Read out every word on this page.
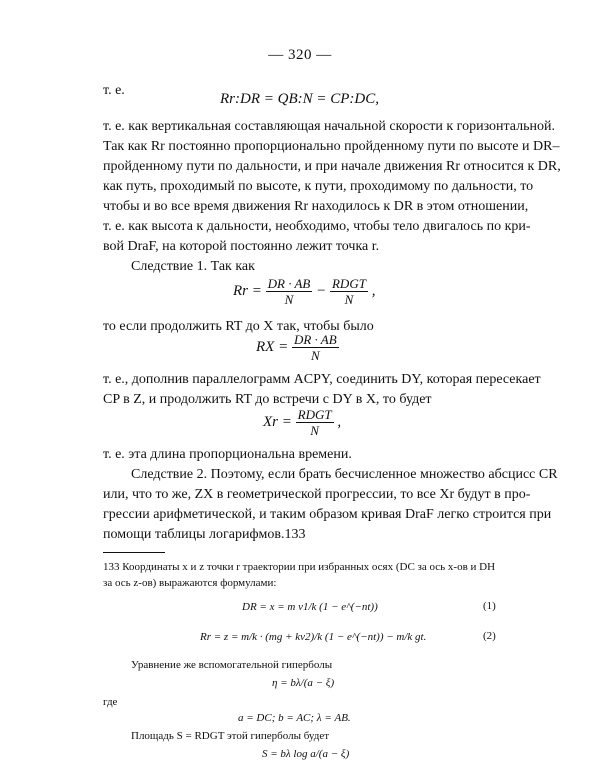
— 320 —
т. е.
Rr:DR = QB:N = CP:DC,
т. е. как вертикальная составляющая начальной скорости к горизонтальной.
Так как Rr постоянно пропорционально пройденному пути по высоте и DR–
пройденному пути по дальности, и при начале движения Rr относится к DR,
как путь, проходимый по высоте, к пути, проходимому по дальности, то
чтобы и во все время движения Rr находилось к DR в этом отношении,
т. е. как высота к дальности, необходимо, чтобы тело двигалось по кри-
вой DraF, на которой постоянно лежит точка r.
Следствие 1. Так как
$Rr = \frac{DR \cdot AB}{N} - \frac{\text{RDGT}}{N}$ ,
то если продолжить RT до X так, чтобы было
RX = $\frac{DR \cdot AB}{N}$
т. е., дополнив параллелограмм ACPY, соединить DY, которая пересекает
CP в Z, и продолжить RT до встречи с DY в X, то будет
$Xr = \frac{\text{RDGT}}{N}$ ,
т. е. эта длина пропорциональна времени.
Следствие 2. Поэтому, если брать бесчисленное множество абсцисс CR
или, что то же, ZX в геометрической прогрессии, то все Xr будут в про-
грессии арифметической, и таким образом кривая DraF легко строится при
помощи таблицы логарифмов.133
133 Координаты x и z точки r траектории при избранных осях (DC за ось x-ов и DH
за ось z-ов) выражаются формулами:
DR = x = m v1/k (1 − e^(−nt))	(1)
Rr = z = m/k · (mg + kv2)/k (1 − e^(−nt)) − m/k gt.	(2)
Уравнение же вспомогательной гиперболы
η = bλ/(a − ξ)
где
a = DC; b = AC; λ = AB.
Площадь S = RDGT этой гиперболы будет
S = bλ log a/(a − ξ)
